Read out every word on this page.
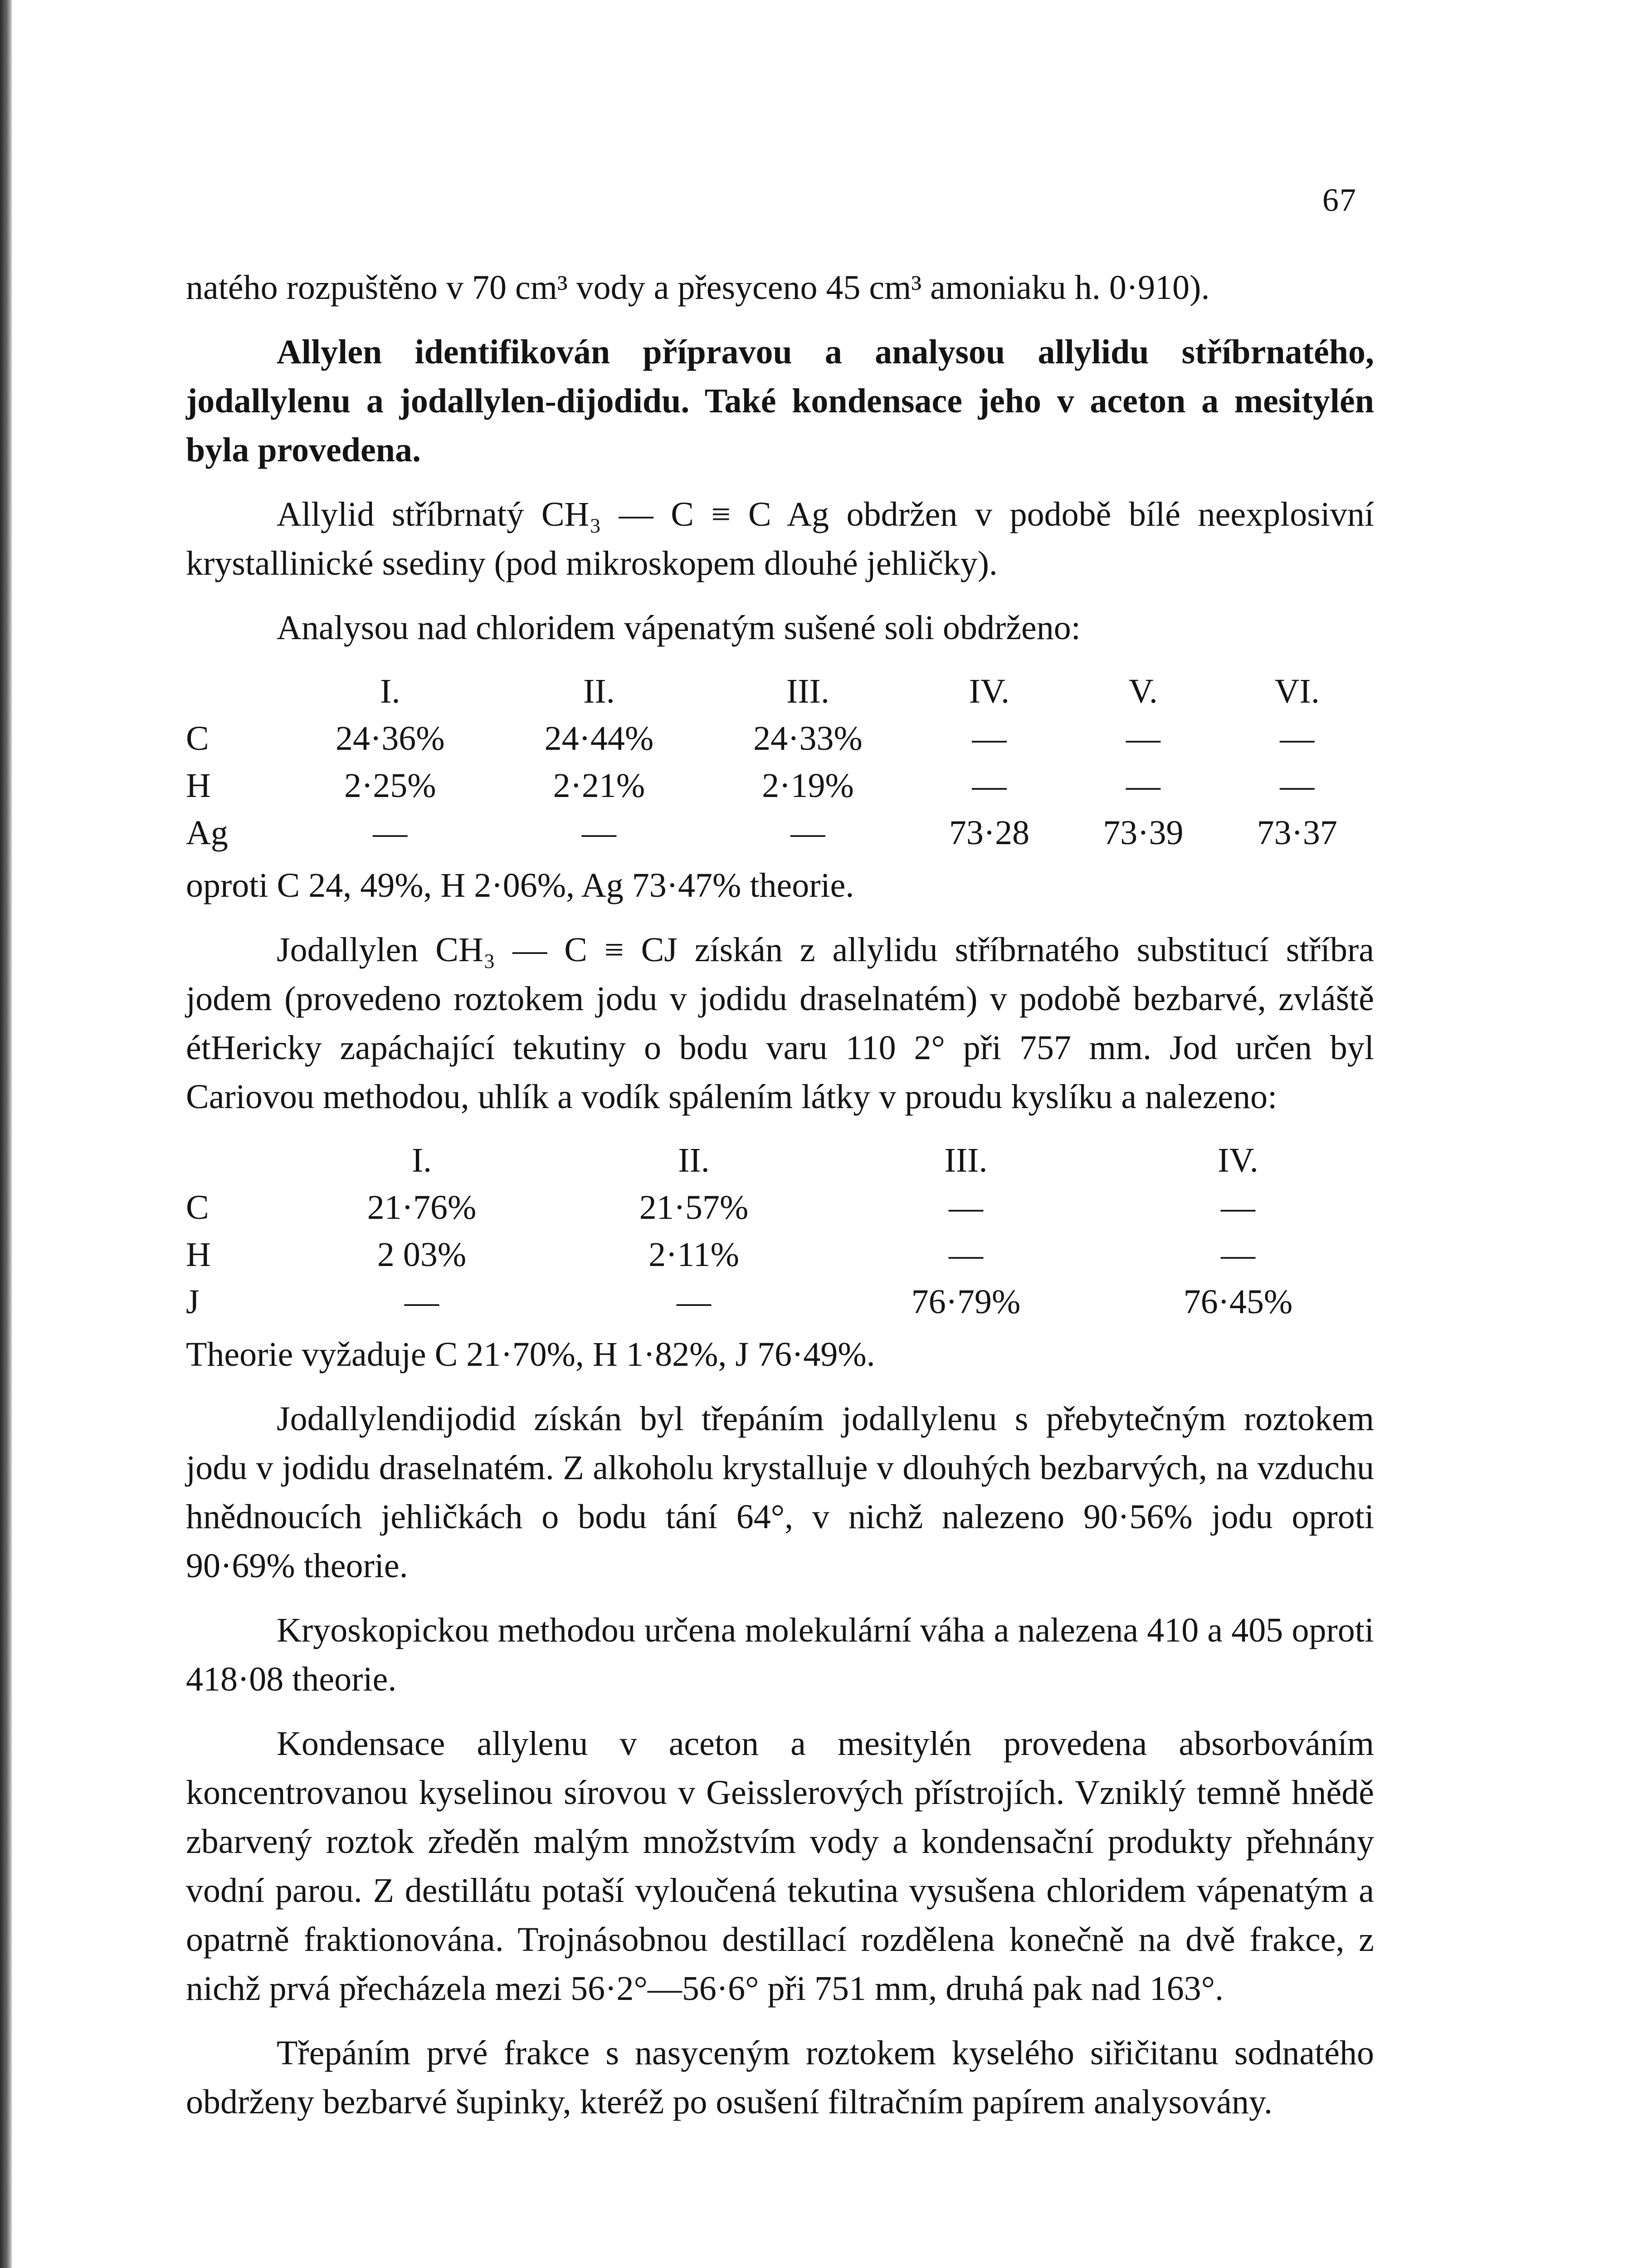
67

natého rozpuštěno v 70 cm³ vody a přesyceno 45 cm³ amoniaku h. 0·910).

Allylen identifikován přípravou a analysou allylidu stříbrnatého, jodallylenu a jodallylen-dijodidu. Také kondensace jeho v aceton a mesitylén byla provedena.

Allylid stříbrnatý CH₃ — C ≡ C Ag obdržen v podobě bílé neexplosivní krystallinické ssediny (pod mikroskopem dlouhé jehličky).

Analysou nad chloridem vápenatým sušené soli obdrženo:

	I.	II.	III.	IV.	V.	VI.
C	24·36%	24·44%	24·33%	—	—	—
H	2·25%	2·21%	2·19%	—	—	—
Ag	—	—	—	73·28	73·39	73·37

oproti C 24, 49%, H 2·06%, Ag 73·47% theorie.

Jodallylen CH₃ — C ≡ CJ získán z allylidu stříbrnatého substitucí stříbra jodem (provedeno roztokem jodu v jodidu draselnatém) v podobě bezbarvé, zvláště étHericky zapáchající tekutiny o bodu varu 110 2° při 757 mm. Jod určen byl Cariovou methodou, uhlík a vodík spálením látky v proudu kyslíku a nalezeno:

	I.	II.	III.	IV.
C	21·76%	21·57%	—	—
H	2 03%	2·11%	—	—
J	—	—	76·79%	76·45%

Theorie vyžaduje C 21·70%, H 1·82%, J 76·49%.

Jodallylendijodid získán byl třepáním jodallylenu s přebytečným roztokem jodu v jodidu draselnatém. Z alkoholu krystalluje v dlouhých bezbarvých, na vzduchu hnědnoucích jehličkách o bodu tání 64°, v nichž nalezeno 90·56% jodu oproti 90·69% theorie.

Kryoskopickou methodou určena molekulární váha a nalezena 410 a 405 oproti 418·08 theorie.

Kondensace allylenu v aceton a mesitylén provedena absorbováním koncentrovanou kyselinou sírovou v Geisslerových přístrojích. Vzniklý temně hnědě zbarvený roztok zředěn malým množstvím vody a kondensační produkty přehnány vodní parou. Z destillátu potaší vyloučená tekutina vysušena chloridem vápenatým a opatrně fraktionována. Trojnásobnou destillací rozdělena konečně na dvě frakce, z nichž prvá přecházela mezi 56·2°—56·6° při 751 mm, druhá pak nad 163°.

Třepáním prvé frakce s nasyceným roztokem kyselého siřičitanu sodnatého obdrženy bezbarvé šupinky, kteréž po osušení filtračním papírem analysovány.
